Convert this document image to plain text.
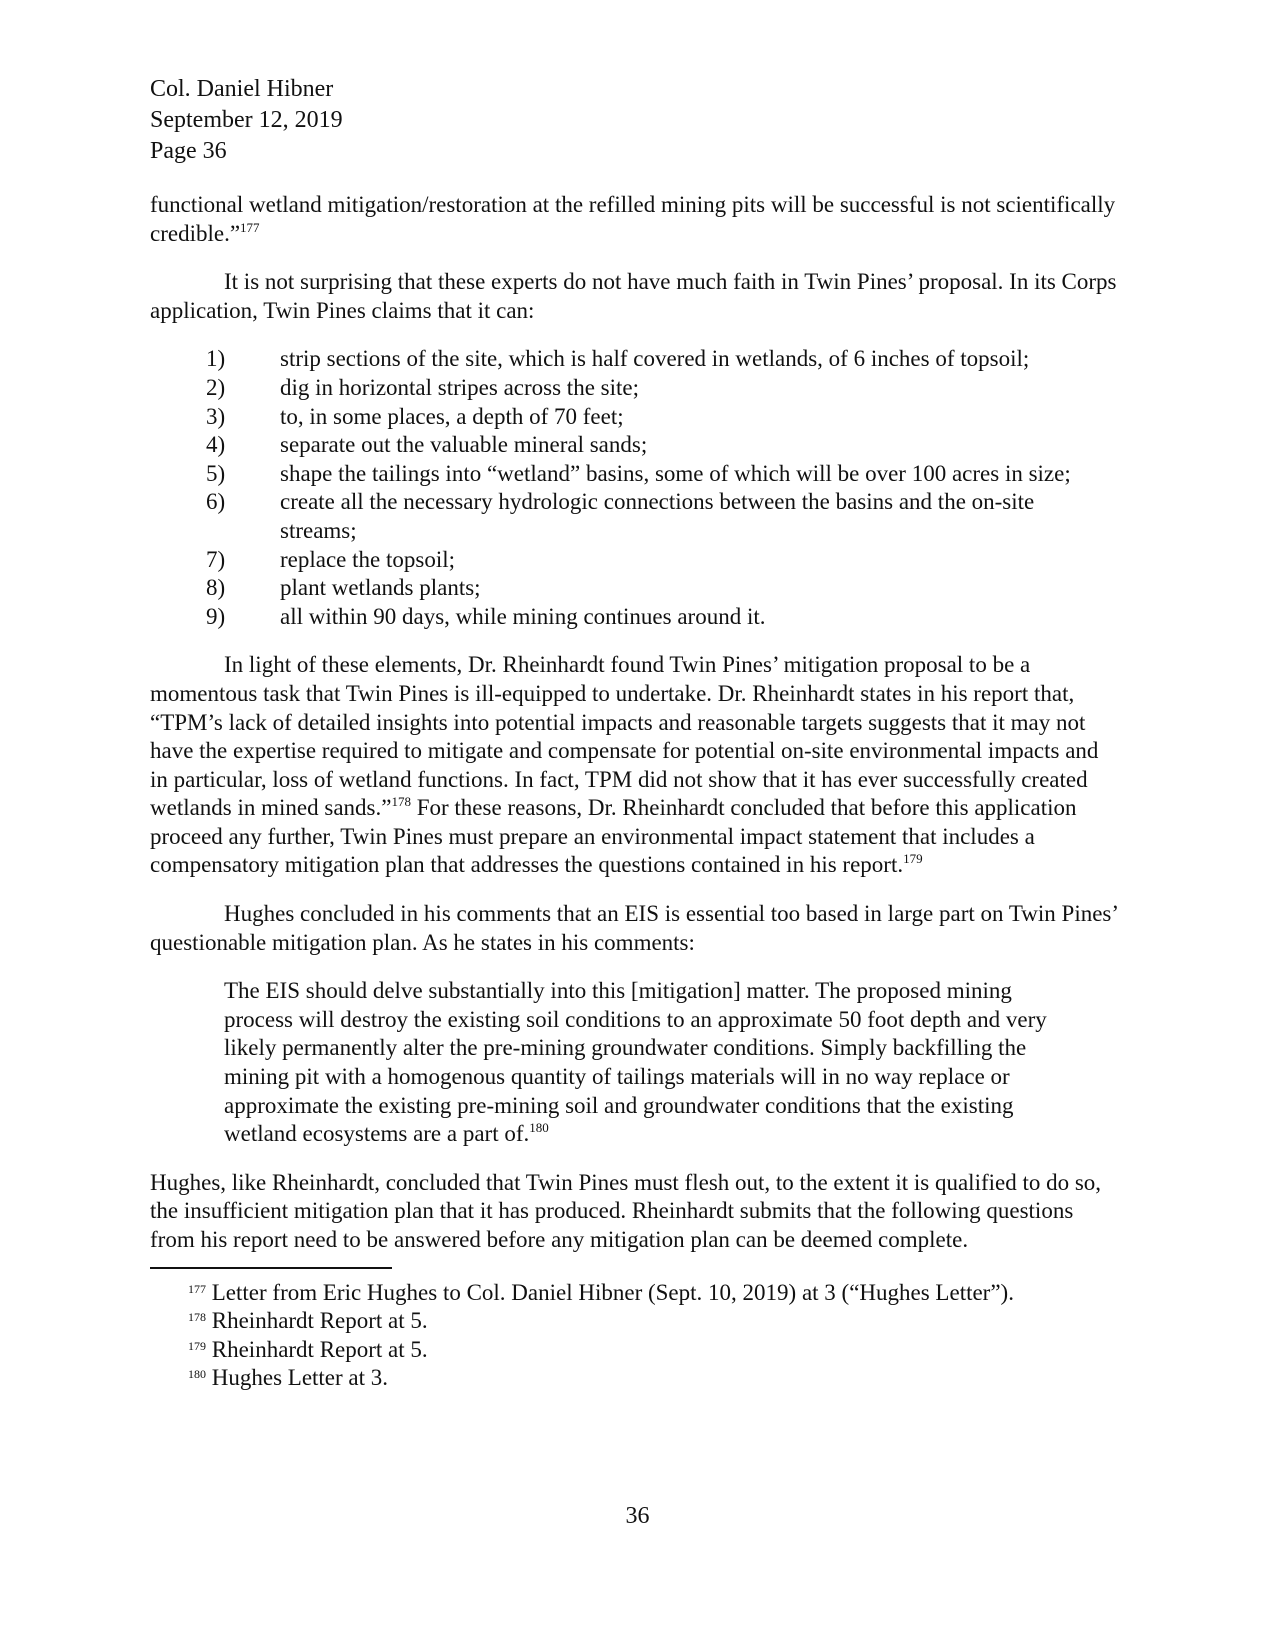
Col. Daniel Hibner

September 12, 2019

Page 36

functional wetland mitigation/restoration at the refilled mining pits will be successful is not scientifically credible.”$^{177}$

It is not surprising that these experts do not have much faith in Twin Pines’ proposal. In its Corps application, Twin Pines claims that it can:

1)	strip sections of the site, which is half covered in wetlands, of 6 inches of topsoil;
2)	dig in horizontal stripes across the site;
3)	to, in some places, a depth of 70 feet;
4)	separate out the valuable mineral sands;
5)	shape the tailings into “wetland” basins, some of which will be over 100 acres in size;
6)	create all the necessary hydrologic connections between the basins and the on-site streams;
7)	replace the topsoil;
8)	plant wetlands plants;
9)	all within 90 days, while mining continues around it.

In light of these elements, Dr. Rheinhardt found Twin Pines’ mitigation proposal to be a momentous task that Twin Pines is ill-equipped to undertake. Dr. Rheinhardt states in his report that, “TPM’s lack of detailed insights into potential impacts and reasonable targets suggests that it may not have the expertise required to mitigate and compensate for potential on-site environmental impacts and in particular, loss of wetland functions. In fact, TPM did not show that it has ever successfully created wetlands in mined sands.”$^{178}$ For these reasons, Dr. Rheinhardt concluded that before this application proceed any further, Twin Pines must prepare an environmental impact statement that includes a compensatory mitigation plan that addresses the questions contained in his report.$^{179}$

Hughes concluded in his comments that an EIS is essential too based in large part on Twin Pines’ questionable mitigation plan. As he states in his comments:

The EIS should delve substantially into this [mitigation] matter. The proposed mining process will destroy the existing soil conditions to an approximate 50 foot depth and very likely permanently alter the pre-mining groundwater conditions. Simply backfilling the mining pit with a homogenous quantity of tailings materials will in no way replace or approximate the existing pre-mining soil and groundwater conditions that the existing wetland ecosystems are a part of.$^{180}$

Hughes, like Rheinhardt, concluded that Twin Pines must flesh out, to the extent it is qualified to do so, the insufficient mitigation plan that it has produced. Rheinhardt submits that the following questions from his report need to be answered before any mitigation plan can be deemed complete.

$^{177}$ Letter from Eric Hughes to Col. Daniel Hibner (Sept. 10, 2019) at 3 (“Hughes Letter”).

$^{178}$ Rheinhardt Report at 5.

$^{179}$ Rheinhardt Report at 5.

$^{180}$ Hughes Letter at 3.

36
